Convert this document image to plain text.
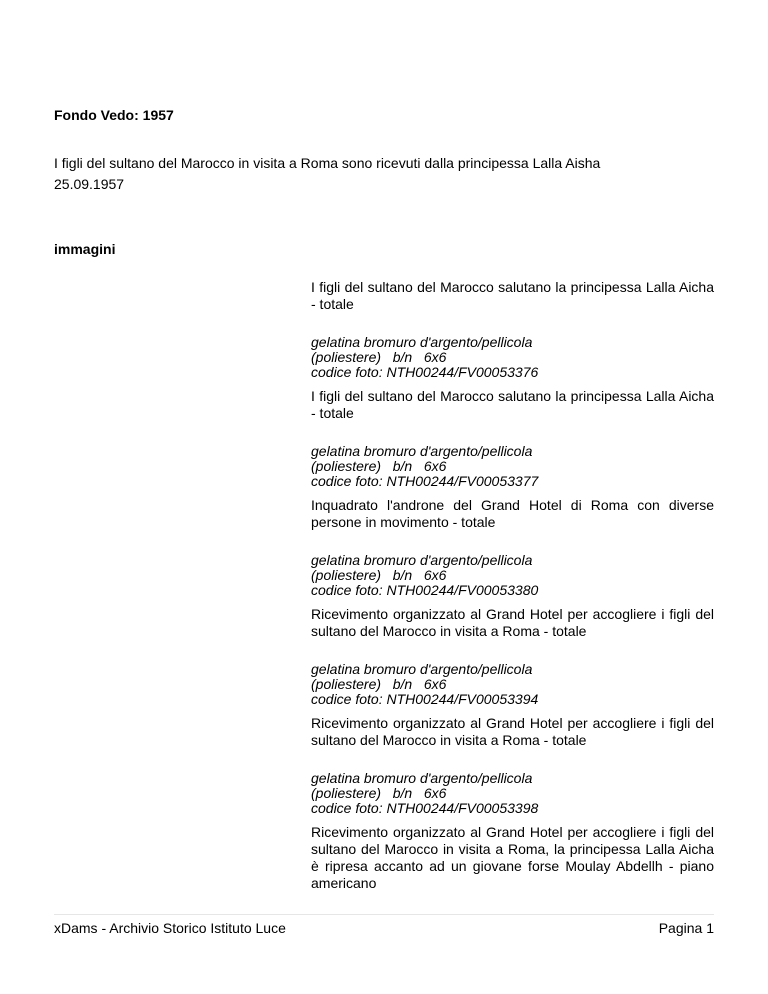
Fondo Vedo: 1957

I figli del sultano del Marocco in visita a Roma sono ricevuti dalla principessa Lalla Aisha
25.09.1957

immagini

I figli del sultano del Marocco salutano la principessa Lalla Aicha - totale

gelatina bromuro d'argento/pellicola
(poliestere)   b/n   6x6
codice foto: NTH00244/FV00053376

I figli del sultano del Marocco salutano la principessa Lalla Aicha - totale

gelatina bromuro d'argento/pellicola
(poliestere)   b/n   6x6
codice foto: NTH00244/FV00053377

Inquadrato l'androne del Grand Hotel di Roma con diverse persone in movimento - totale

gelatina bromuro d'argento/pellicola
(poliestere)   b/n   6x6
codice foto: NTH00244/FV00053380

Ricevimento organizzato al Grand Hotel per accogliere i figli del sultano del Marocco in visita a Roma - totale

gelatina bromuro d'argento/pellicola
(poliestere)   b/n   6x6
codice foto: NTH00244/FV00053394

Ricevimento organizzato al Grand Hotel per accogliere i figli del sultano del Marocco in visita a Roma - totale

gelatina bromuro d'argento/pellicola
(poliestere)   b/n   6x6
codice foto: NTH00244/FV00053398

Ricevimento organizzato al Grand Hotel per accogliere i figli del sultano del Marocco in visita a Roma, la principessa Lalla Aicha è ripresa accanto ad un giovane forse Moulay Abdellh - piano americano

xDams - Archivio Storico Istituto Luce	Pagina 1
